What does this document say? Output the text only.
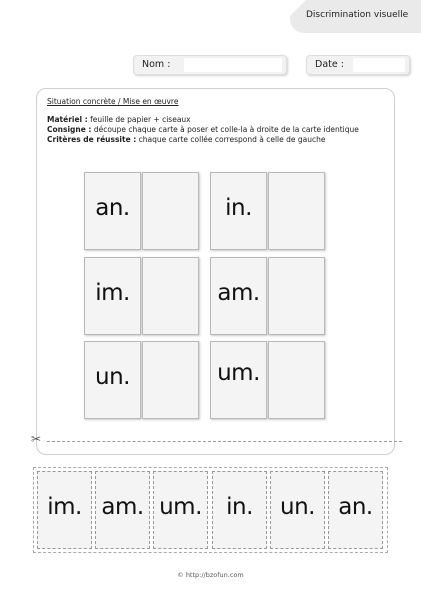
Discrimination visuelle
Nom :	Date :
Situation concrète / Mise en œuvre
Matériel : feuille de papier + ciseaux
Consigne : découpe chaque carte à poser et colle-la à droite de la carte identique
Critères de réussite : chaque carte collée correspond à celle de gauche
an.	in.
im.	am.
un.	um.
✂
im. am. um.	in.	un.	an.
© http://bzofun.com
